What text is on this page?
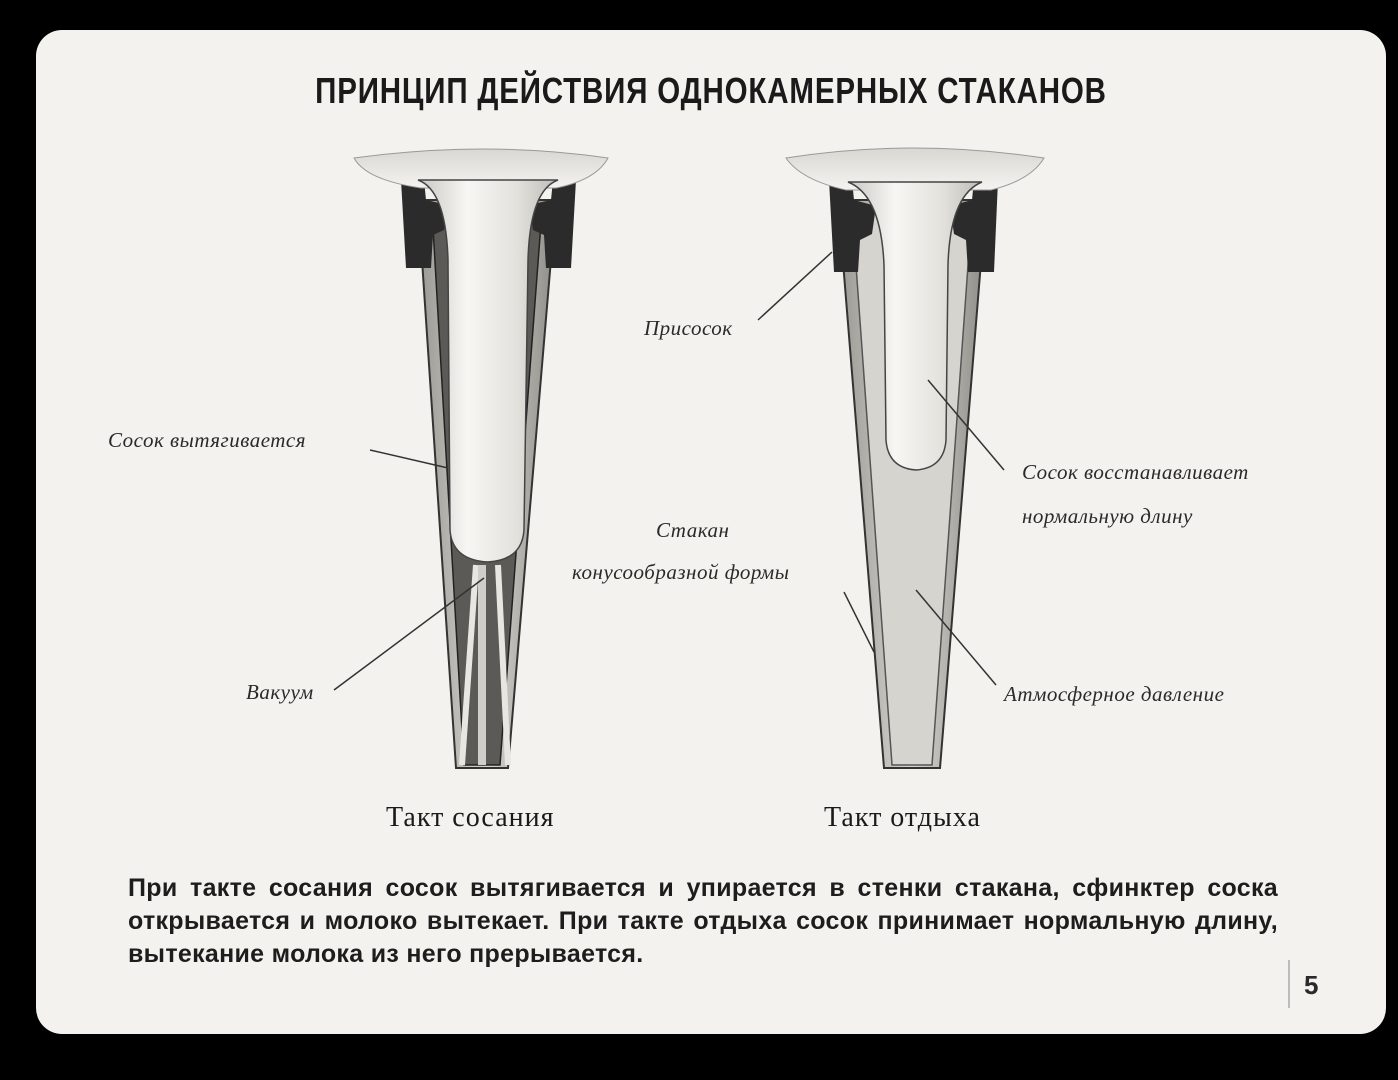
ПРИНЦИП ДЕЙСТВИЯ ОДНОКАМЕРНЫХ СТАКАНОВ
Сосок вытягивается
Вакуум
Присосок
Сосок восстанавливает
нормальную длину
Стакан
конусообразной формы
Атмосферное давление
Такт сосания	Такт отдыха
При такте сосания сосок вытягивается и упирается в стенки стакана, сфинктер соска открывается и молоко вытекает. При такте отдыха сосок принимает нормальную длину, вытекание молока из него прерывается.
5
